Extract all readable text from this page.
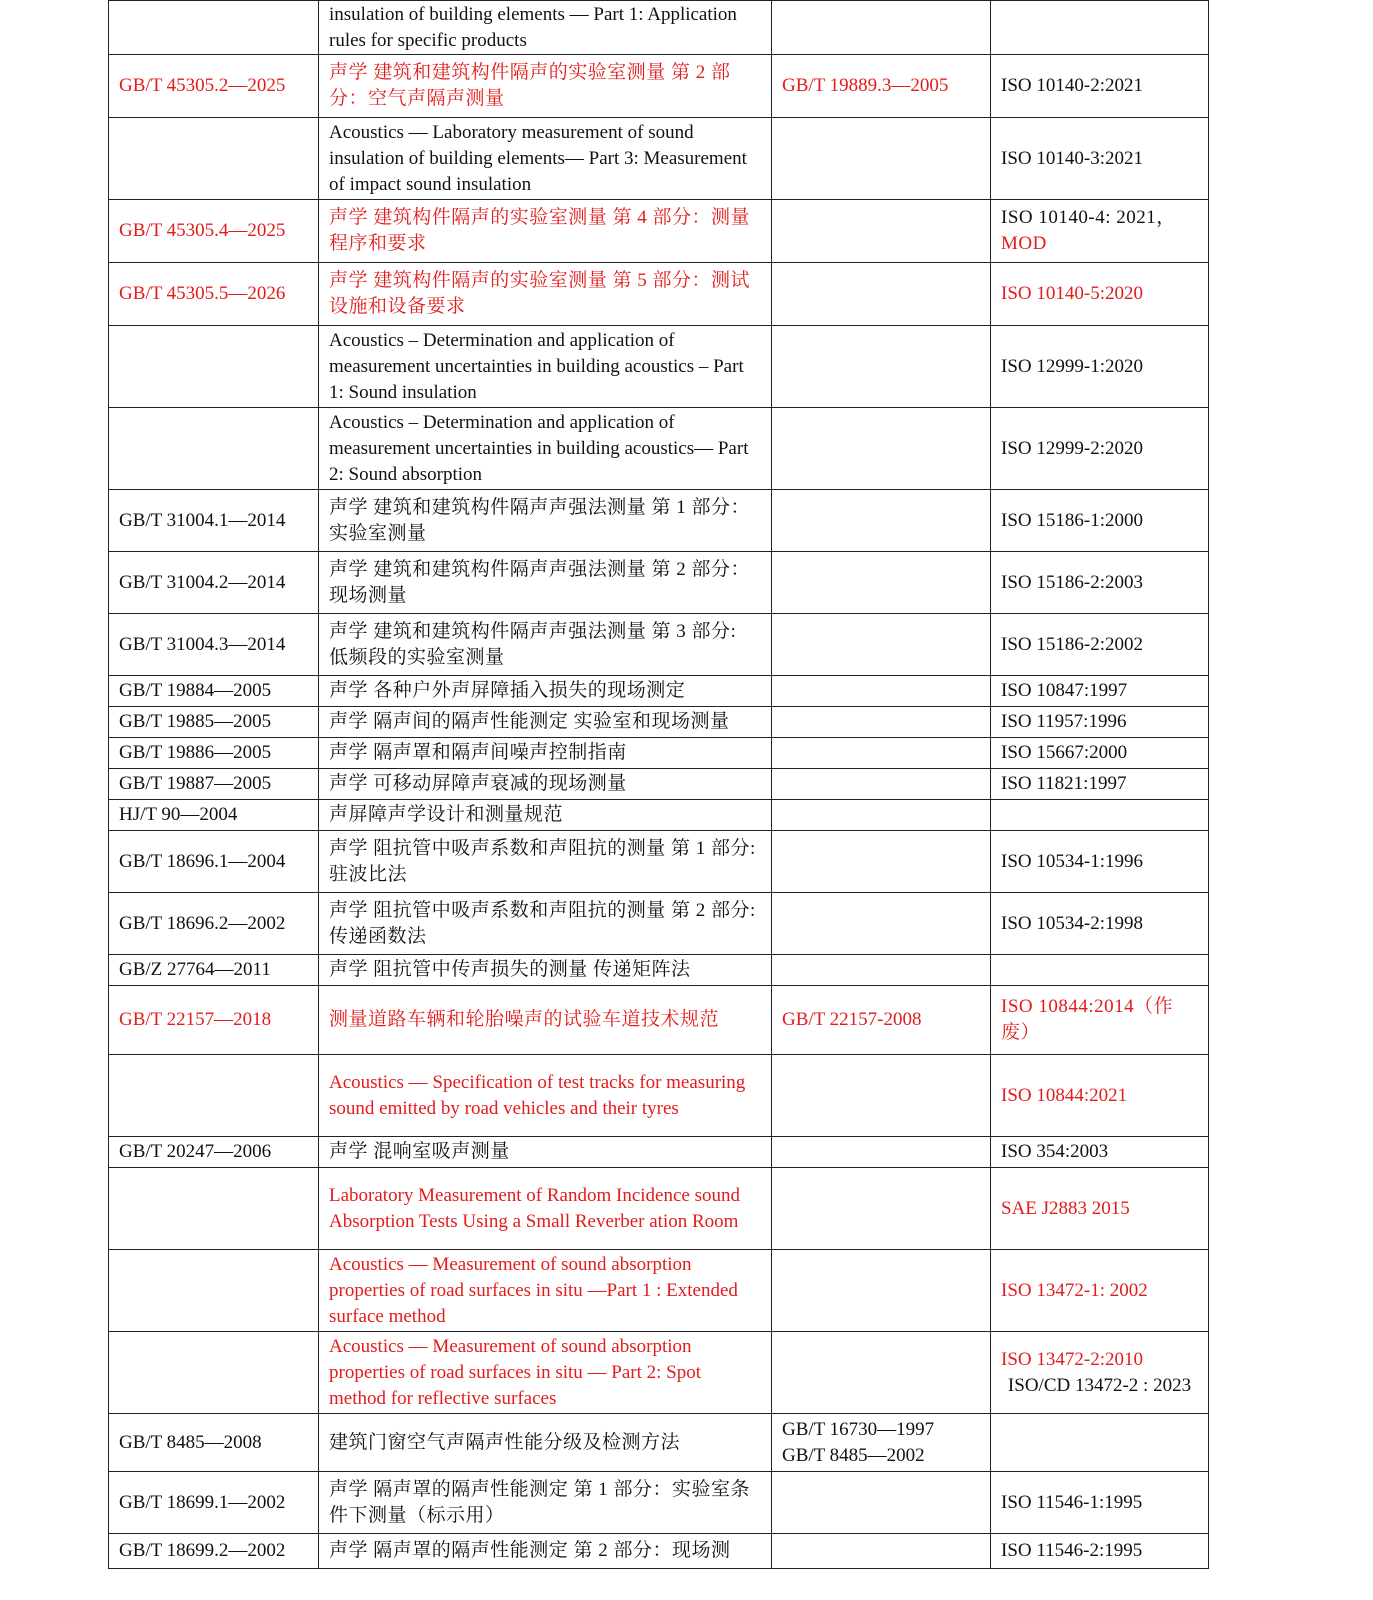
	insulation of building elements — Part 1: Application rules for specific products		

GB/T 45305.2—2025	声学 建筑和建筑构件隔声的实验室测量 第 2 部分：空气声隔声测量	GB/T 19889.3—2005	ISO 10140-2:2021

	Acoustics — Laboratory measurement of sound insulation of building elements— Part 3: Measurement of impact sound insulation		ISO 10140-3:2021

GB/T 45305.4—2025	声学 建筑构件隔声的实验室测量 第 4 部分：测量程序和要求		ISO 10140-4: 2021，
MOD

GB/T 45305.5—2026	声学 建筑构件隔声的实验室测量 第 5 部分：测试设施和设备要求		ISO 10140-5:2020

	Acoustics – Determination and application of measurement uncertainties in building acoustics – Part 1: Sound insulation		ISO 12999-1:2020

	Acoustics – Determination and application of measurement uncertainties in building acoustics— Part 2: Sound absorption		ISO 12999-2:2020

GB/T 31004.1—2014	声学 建筑和建筑构件隔声声强法测量 第 1 部分：实验室测量		ISO 15186-1:2000

GB/T 31004.2—2014	声学 建筑和建筑构件隔声声强法测量 第 2 部分：现场测量		ISO 15186-2:2003

GB/T 31004.3—2014	声学 建筑和建筑构件隔声声强法测量 第 3 部分: 低频段的实验室测量		ISO 15186-2:2002

GB/T 19884—2005	声学 各种户外声屏障插入损失的现场测定		ISO 10847:1997

GB/T 19885—2005	声学 隔声间的隔声性能测定 实验室和现场测量		ISO 11957:1996

GB/T 19886—2005	声学 隔声罩和隔声间噪声控制指南		ISO 15667:2000

GB/T 19887—2005	声学 可移动屏障声衰减的现场测量		ISO 11821:1997

HJ/T 90—2004	声屏障声学设计和测量规范		

GB/T 18696.1—2004	声学 阻抗管中吸声系数和声阻抗的测量 第 1 部分:驻波比法		ISO 10534-1:1996

GB/T 18696.2—2002	声学 阻抗管中吸声系数和声阻抗的测量 第 2 部分:传递函数法		ISO 10534-2:1998

GB/Z 27764—2011	声学 阻抗管中传声损失的测量 传递矩阵法		

GB/T 22157—2018	测量道路车辆和轮胎噪声的试验车道技术规范	GB/T 22157-2008	ISO 10844:2014（作废）

	Acoustics — Specification of test tracks for measuring sound emitted by road vehicles and their tyres		ISO 10844:2021

GB/T 20247—2006	声学 混响室吸声测量		ISO 354:2003

	Laboratory Measurement of Random Incidence sound Absorption Tests Using a Small Reverber ation Room		SAE J2883 2015

	Acoustics — Measurement of sound absorption properties of road surfaces in situ —Part 1 : Extended surface method		ISO 13472-1: 2002

	Acoustics — Measurement of sound absorption properties of road surfaces in situ — Part 2: Spot method for reflective surfaces		ISO 13472-2:2010
ISO/CD 13472-2 : 2023

GB/T 8485—2008	建筑门窗空气声隔声性能分级及检测方法	GB/T 16730—1997
GB/T 8485—2002	

GB/T 18699.1—2002	声学 隔声罩的隔声性能测定 第 1 部分：实验室条件下测量（标示用）		ISO 11546-1:1995

GB/T 18699.2—2002	声学 隔声罩的隔声性能测定 第 2 部分：现场测		ISO 11546-2:1995
